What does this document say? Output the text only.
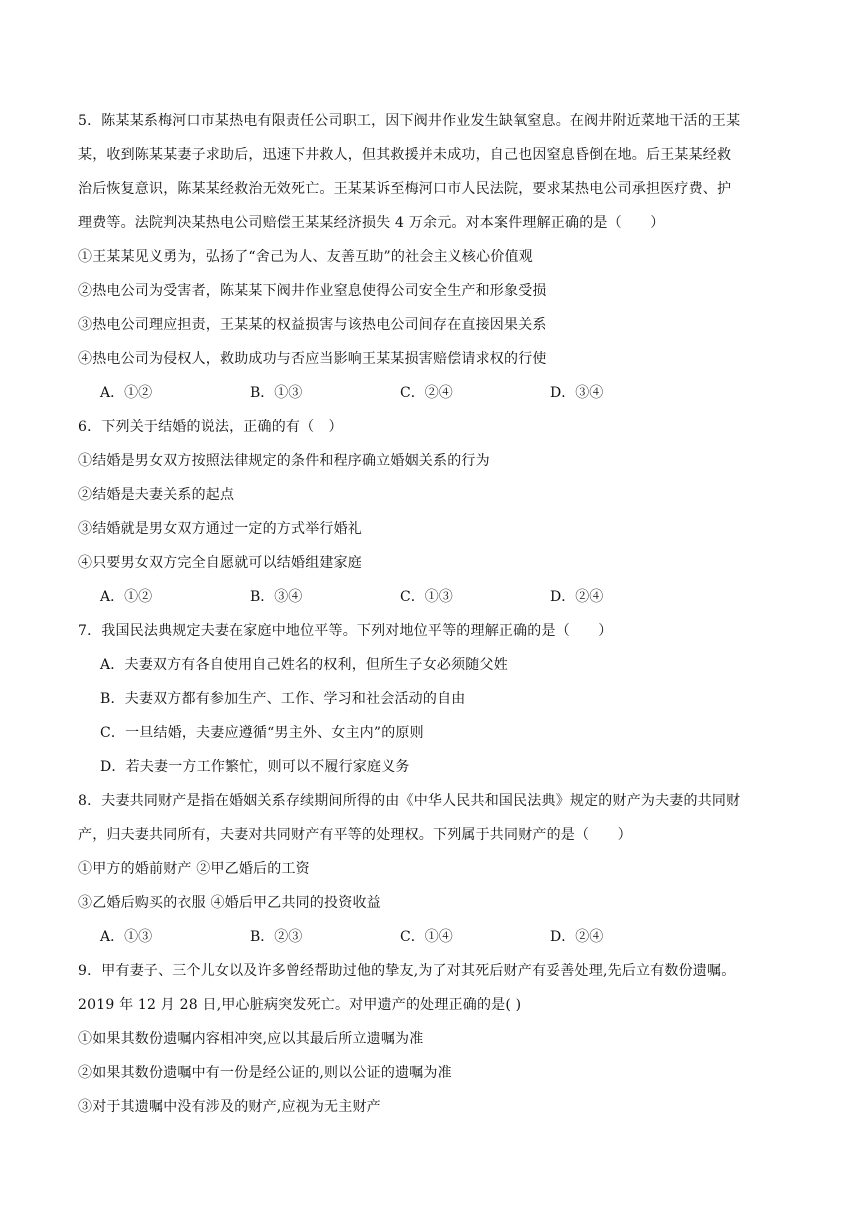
5．陈某某系梅河口市某热电有限责任公司职工，因下阀井作业发生缺氧窒息。在阀井附近菜地干活的王某
某，收到陈某某妻子求助后，迅速下井救人，但其救援并未成功，自己也因窒息昏倒在地。后王某某经救
治后恢复意识，陈某某经救治无效死亡。王某某诉至梅河口市人民法院，要求某热电公司承担医疗费、护
理费等。法院判决某热电公司赔偿王某某经济损失 4 万余元。对本案件理解正确的是（　　）
①王某某见义勇为，弘扬了“舍己为人、友善互助”的社会主义核心价值观
②热电公司为受害者，陈某某下阀井作业窒息使得公司安全生产和形象受损
③热电公司理应担责，王某某的权益损害与该热电公司间存在直接因果关系
④热电公司为侵权人，救助成功与否应当影响王某某损害赔偿请求权的行使
A．①②	B．①③	C．②④	D．③④
6．下列关于结婚的说法，正确的有（　）
①结婚是男女双方按照法律规定的条件和程序确立婚姻关系的行为
②结婚是夫妻关系的起点
③结婚就是男女双方通过一定的方式举行婚礼
④只要男女双方完全自愿就可以结婚组建家庭
A．①②	B．③④	C．①③	D．②④
7．我国民法典规定夫妻在家庭中地位平等。下列对地位平等的理解正确的是（　　）
A．夫妻双方有各自使用自己姓名的权利，但所生子女必须随父姓
B．夫妻双方都有参加生产、工作、学习和社会活动的自由
C．一旦结婚，夫妻应遵循“男主外、女主内”的原则
D．若夫妻一方工作繁忙，则可以不履行家庭义务
8．夫妻共同财产是指在婚姻关系存续期间所得的由《中华人民共和国民法典》规定的财产为夫妻的共同财
产，归夫妻共同所有，夫妻对共同财产有平等的处理权。下列属于共同财产的是（　　）
①甲方的婚前财产 ②甲乙婚后的工资
③乙婚后购买的衣服 ④婚后甲乙共同的投资收益
A．①③	B．②③	C．①④	D．②④
9．甲有妻子、三个儿女以及许多曾经帮助过他的挚友,为了对其死后财产有妥善处理,先后立有数份遗嘱。
2019 年 12 月 28 日,甲心脏病突发死亡。对甲遗产的处理正确的是( )
①如果其数份遗嘱内容相冲突,应以其最后所立遗嘱为准
②如果其数份遗嘱中有一份是经公证的,则以公证的遗嘱为准
③对于其遗嘱中没有涉及的财产,应视为无主财产
